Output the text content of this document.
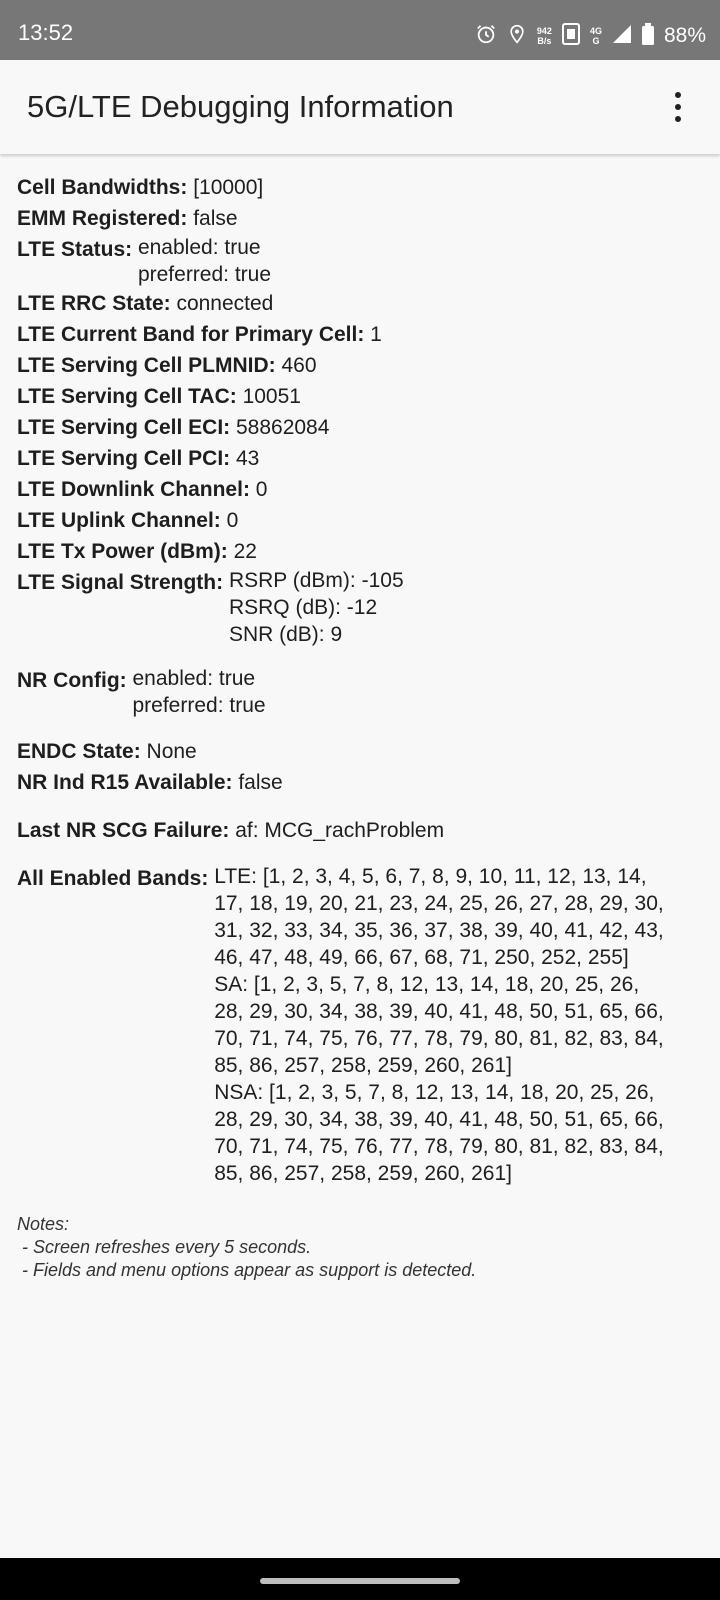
13:52	942
B/s
4G
G	88%
5G/LTE Debugging Information
Cell Bandwidths: [10000]
EMM Registered: false
LTE Status: enabled: true
preferred: true
LTE RRC State: connected
LTE Current Band for Primary Cell: 1
LTE Serving Cell PLMNID: 460
LTE Serving Cell TAC: 10051
LTE Serving Cell ECI: 58862084
LTE Serving Cell PCI: 43
LTE Downlink Channel: 0
LTE Uplink Channel: 0
LTE Tx Power (dBm): 22
LTE Signal Strength: RSRP (dBm): -105
RSRQ (dB): -12
SNR (dB): 9
NR Config: enabled: true
preferred: true
ENDC State: None
NR Ind R15 Available: false
Last NR SCG Failure: af: MCG_rachProblem
All Enabled Bands: LTE: [1, 2, 3, 4, 5, 6, 7, 8, 9, 10, 11, 12, 13, 14,
17, 18, 19, 20, 21, 23, 24, 25, 26, 27, 28, 29, 30,
31, 32, 33, 34, 35, 36, 37, 38, 39, 40, 41, 42, 43,
46, 47, 48, 49, 66, 67, 68, 71, 250, 252, 255]
SA: [1, 2, 3, 5, 7, 8, 12, 13, 14, 18, 20, 25, 26,
28, 29, 30, 34, 38, 39, 40, 41, 48, 50, 51, 65, 66,
70, 71, 74, 75, 76, 77, 78, 79, 80, 81, 82, 83, 84,
85, 86, 257, 258, 259, 260, 261]
NSA: [1, 2, 3, 5, 7, 8, 12, 13, 14, 18, 20, 25, 26,
28, 29, 30, 34, 38, 39, 40, 41, 48, 50, 51, 65, 66,
70, 71, 74, 75, 76, 77, 78, 79, 80, 81, 82, 83, 84,
85, 86, 257, 258, 259, 260, 261]
Notes:
- Screen refreshes every 5 seconds.
- Fields and menu options appear as support is detected.
